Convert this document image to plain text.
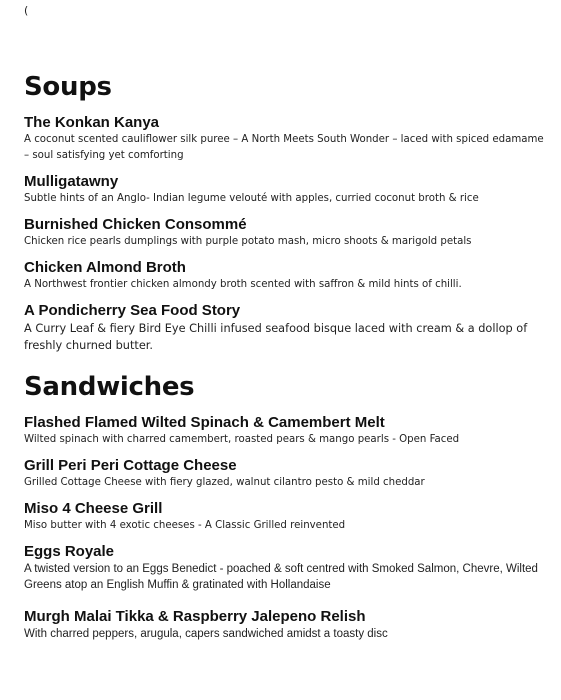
(
Soups
The Konkan Kanya
A coconut scented cauliflower silk puree – A North Meets South Wonder – laced with spiced edamame – soul satisfying yet comforting
Mulligatawny
Subtle hints of an Anglo- Indian legume velouté with apples, curried coconut broth & rice
Burnished Chicken Consommé
Chicken rice pearls dumplings with purple potato mash, micro shoots & marigold petals
Chicken Almond Broth
A Northwest frontier chicken almondy broth scented with saffron & mild hints of chilli.
A Pondicherry Sea Food Story
A Curry Leaf & fiery Bird Eye Chilli infused seafood bisque laced with cream & a dollop of freshly churned butter.
Sandwiches
Flashed Flamed Wilted Spinach & Camembert Melt
Wilted spinach with charred camembert, roasted pears & mango pearls - Open Faced
Grill Peri Peri Cottage Cheese
Grilled Cottage Cheese with fiery glazed, walnut cilantro pesto & mild cheddar
Miso 4 Cheese Grill
Miso butter with 4 exotic cheeses - A Classic Grilled reinvented
Eggs Royale
A twisted version to an Eggs Benedict - poached & soft centred with Smoked Salmon, Chevre, Wilted Greens atop an English Muffin & gratinated with Hollandaise
Murgh Malai Tikka & Raspberry Jalepeno Relish
With charred peppers, arugula, capers sandwiched amidst a toasty disc
